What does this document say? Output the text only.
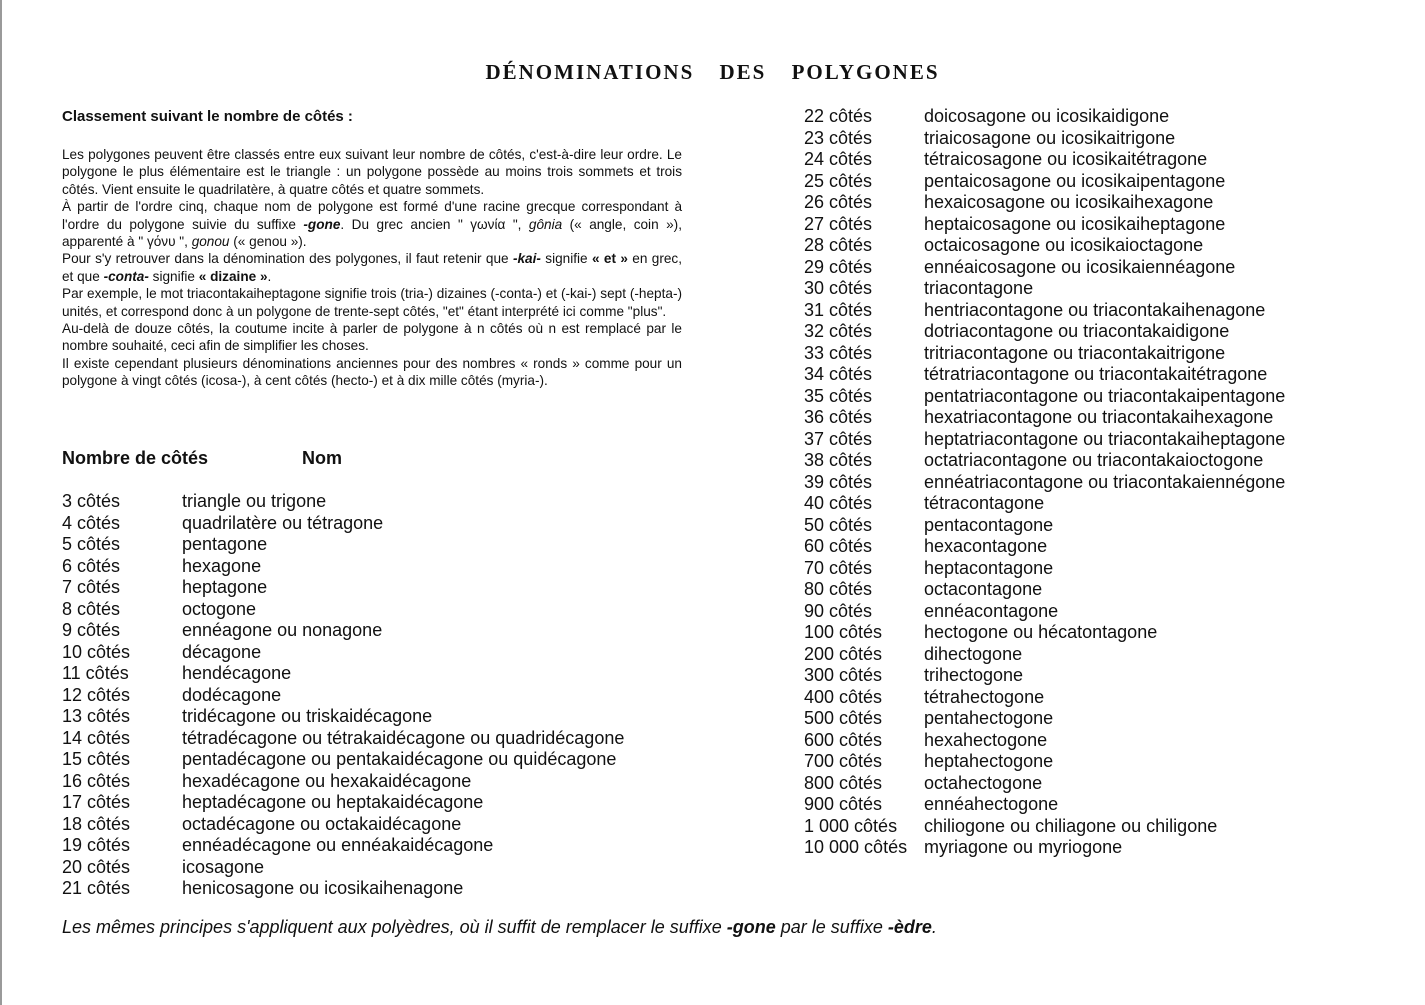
DÉNOMINATIONS DES POLYGONES
Classement suivant le nombre de côtés :

Les polygones peuvent être classés entre eux suivant leur nombre de côtés, c'est-à-dire leur ordre. Le polygone le plus élémentaire est le triangle : un polygone possède au moins trois sommets et trois côtés. Vient ensuite le quadrilatère, à quatre côtés et quatre sommets.

À partir de l'ordre cinq, chaque nom de polygone est formé d'une racine grecque correspondant à l'ordre du polygone suivie du suffixe -gone. Du grec ancien " γωνία ", gônia (« angle, coin »), apparenté à " γόνυ ", gonou (« genou »).

Pour s'y retrouver dans la dénomination des polygones, il faut retenir que -kai- signifie « et » en grec, et que -conta- signifie « dizaine ».

Par exemple, le mot triacontakaiheptagone signifie trois (tria-) dizaines (-conta-) et (-kai-) sept (-hepta-) unités, et correspond donc à un polygone de trente-sept côtés, "et" étant interprété ici comme "plus".

Au-delà de douze côtés, la coutume incite à parler de polygone à n côtés où n est remplacé par le nombre souhaité, ceci afin de simplifier les choses.

Il existe cependant plusieurs dénominations anciennes pour des nombres « ronds » comme pour un polygone à vingt côtés (icosa-), à cent côtés (hecto-) et à dix mille côtés (myria-).

Nombre de côtés	Nom
3 côtés	triangle ou trigone
4 côtés	quadrilatère ou tétragone
5 côtés	pentagone
6 côtés	hexagone
7 côtés	heptagone
8 côtés	octogone
9 côtés	ennéagone ou nonagone
10 côtés	décagone
11 côtés	hendécagone
12 côtés	dodécagone
13 côtés	tridécagone ou triskaidécagone
14 côtés	tétradécagone ou tétrakaidécagone ou quadridécagone
15 côtés	pentadécagone ou pentakaidécagone ou quidécagone
16 côtés	hexadécagone ou hexakaidécagone
17 côtés	heptadécagone ou heptakaidécagone
18 côtés	octadécagone ou octakaidécagone
19 côtés	ennéadécagone ou ennéakaidécagone
20 côtés	icosagone
21 côtés	henicosagone ou icosikaihenagone
22 côtés	doicosagone ou icosikaidigone
23 côtés	triaicosagone ou icosikaitrigone
24 côtés	tétraicosagone ou icosikaitétragone
25 côtés	pentaicosagone ou icosikaipentagone
26 côtés	hexaicosagone ou icosikaihexagone
27 côtés	heptaicosagone ou icosikaiheptagone
28 côtés	octaicosagone ou icosikaioctagone
29 côtés	ennéaicosagone ou icosikaiennéagone
30 côtés	triacontagone
31 côtés	hentriacontagone ou triacontakaihenagone
32 côtés	dotriacontagone ou triacontakaidigone
33 côtés	tritriacontagone ou triacontakaitrigone
34 côtés	tétratriacontagone ou triacontakaitétragone
35 côtés	pentatriacontagone ou triacontakaipentagone
36 côtés	hexatriacontagone ou triacontakaihexagone
37 côtés	heptatriacontagone ou triacontakaiheptagone
38 côtés	octatriacontagone ou triacontakaioctogone
39 côtés	ennéatriacontagone ou triacontakaiennégone
40 côtés	tétracontagone
50 côtés	pentacontagone
60 côtés	hexacontagone
70 côtés	heptacontagone
80 côtés	octacontagone
90 côtés	ennéacontagone
100 côtés	hectogone ou hécatontagone
200 côtés	dihectogone
300 côtés	trihectogone
400 côtés	tétrahectogone
500 côtés	pentahectogone
600 côtés	hexahectogone
700 côtés	heptahectogone
800 côtés	octahectogone
900 côtés	ennéahectogone
1 000 côtés	chiliogone ou chiliagone ou chiligone
10 000 côtés myriagone ou myriogone
Les mêmes principes s'appliquent aux polyèdres, où il suffit de remplacer le suffixe -gone par le suffixe -èdre.
